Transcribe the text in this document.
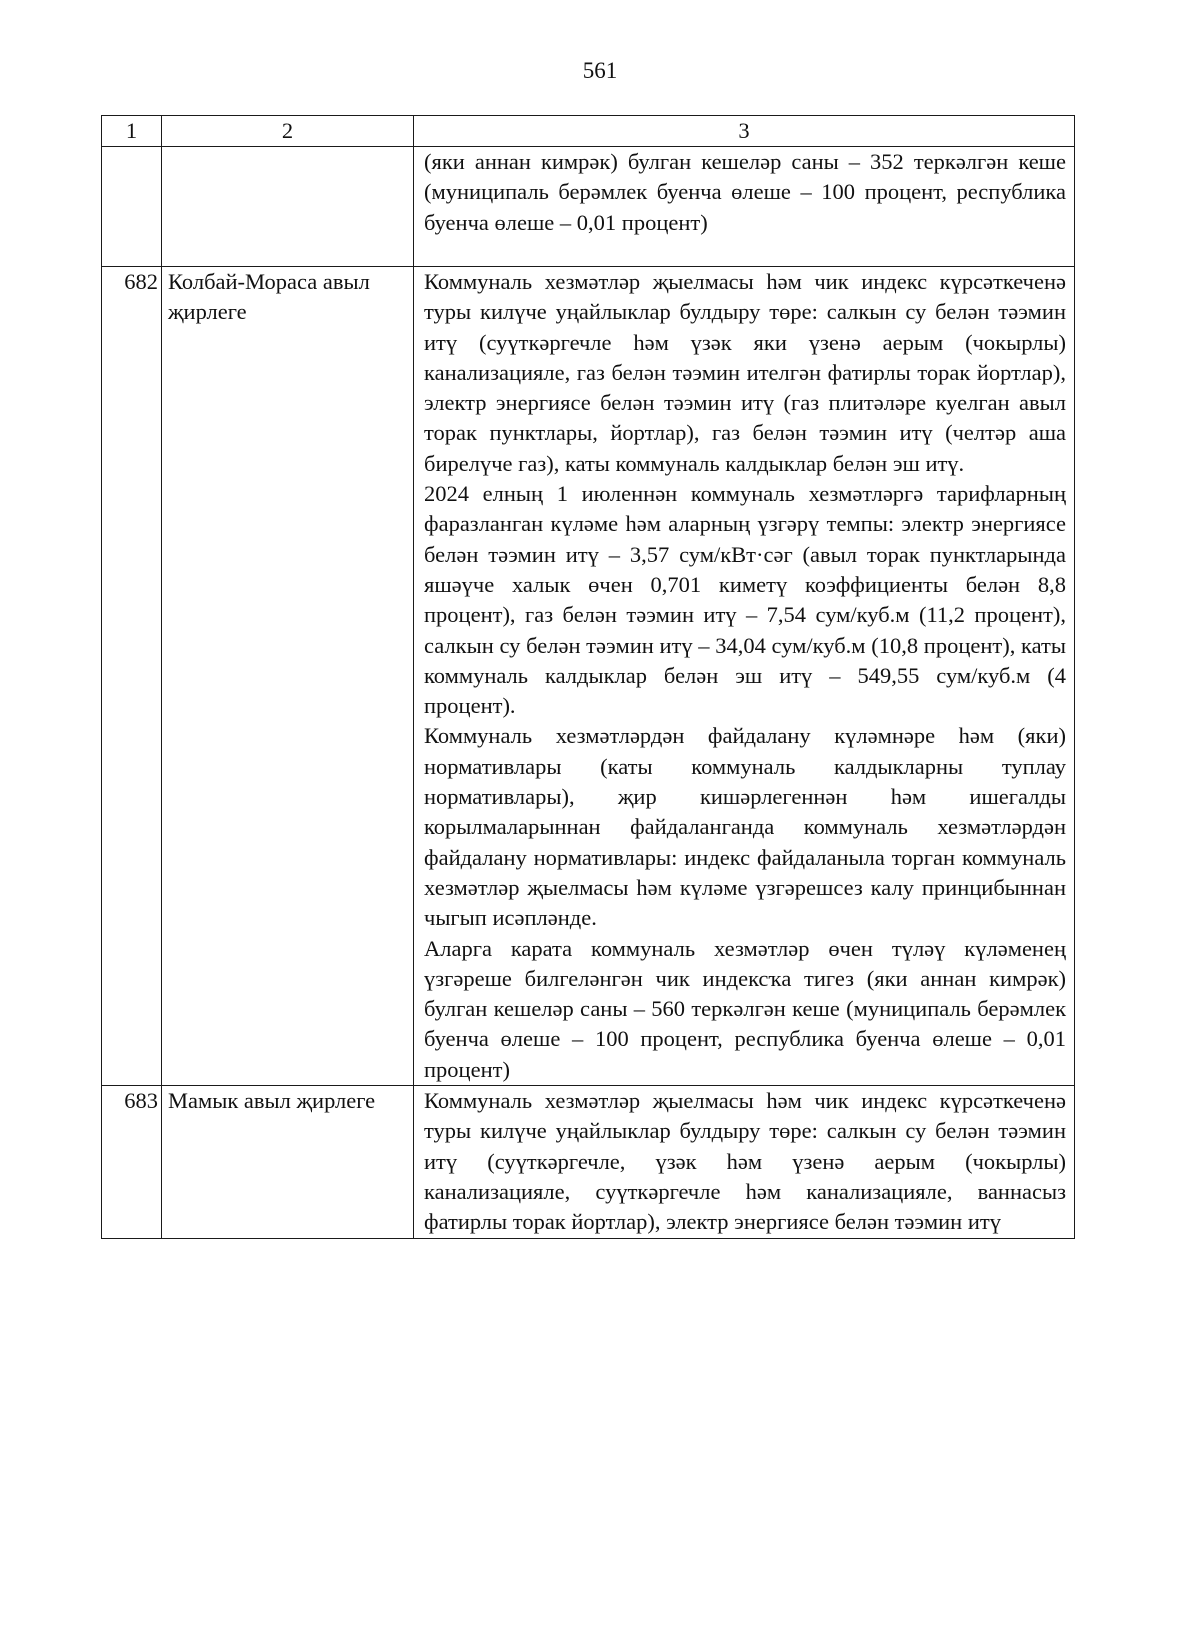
561
1	2	3

		(яки аннан кимрәк) булган кешеләр саны – 352 теркәлгән кеше (муниципаль берәмлек буенча өлеше – 100 процент, республика буенча өлеше – 0,01 процент)

682	Колбай-Мораса авыл җирлеге	Коммуналь хезмәтләр җыелмасы һәм чик индекс күрсәткеченә туры килүче уңайлыклар булдыру төре: салкын су белән тәэмин итү (суүткәргечле һәм үзәк яки үзенә аерым (чокырлы) канализацияле, газ белән тәэмин ителгән фатирлы торак йортлар), электр энергиясе белән тәэмин итү (газ плитәләре куелган авыл торак пунктлары, йортлар), газ белән тәэмин итү (челтәр аша бирелүче газ), каты коммуналь калдыклар белән эш итү.

2024 елның 1 июленнән коммуналь хезмәтләргә тарифларның фаразланган күләме һәм аларның үзгәрү темпы: электр энергиясе белән тәэмин итү – 3,57 сум/кВт·сәг (авыл торак пунктларында яшәүче халык өчен 0,701 киметү коэффициенты белән 8,8 процент), газ белән тәэмин итү – 7,54 сум/куб.м (11,2 процент), салкын су белән тәэмин итү – 34,04 сум/куб.м (10,8 процент), каты коммуналь калдыклар белән эш итү – 549,55 сум/куб.м (4 процент).

Коммуналь хезмәтләрдән файдалану күләмнәре һәм (яки) нормативлары (каты коммуналь калдыкларны туплау нормативлары), җир кишәрлегеннән һәм ишегалды корылмаларыннан файдаланганда коммуналь хезмәтләрдән файдалану нормативлары: индекс файдаланыла торган коммуналь хезмәтләр җыелмасы һәм күләме үзгәрешсез калу принцибыннан чыгып исәпләнде.

Аларга карата коммуналь хезмәтләр өчен түләү күләменең үзгәреше билгеләнгән чик индексҡа тигез (яки аннан кимрәк) булган кешеләр саны – 560 теркәлгән кеше (муниципаль берәмлек буенча өлеше – 100 процент, республика буенча өлеше – 0,01 процент)

683	Мамык авыл җирлеге	Коммуналь хезмәтләр җыелмасы һәм чик индекс күрсәткеченә туры килүче уңайлыклар булдыру төре: салкын су белән тәэмин итү (суүткәргечле, үзәк һәм үзенә аерым (чокырлы) канализацияле, суүткәргечле һәм канализацияле, ваннасыз фатирлы торак йортлар), электр энергиясе белән тәэмин итү
